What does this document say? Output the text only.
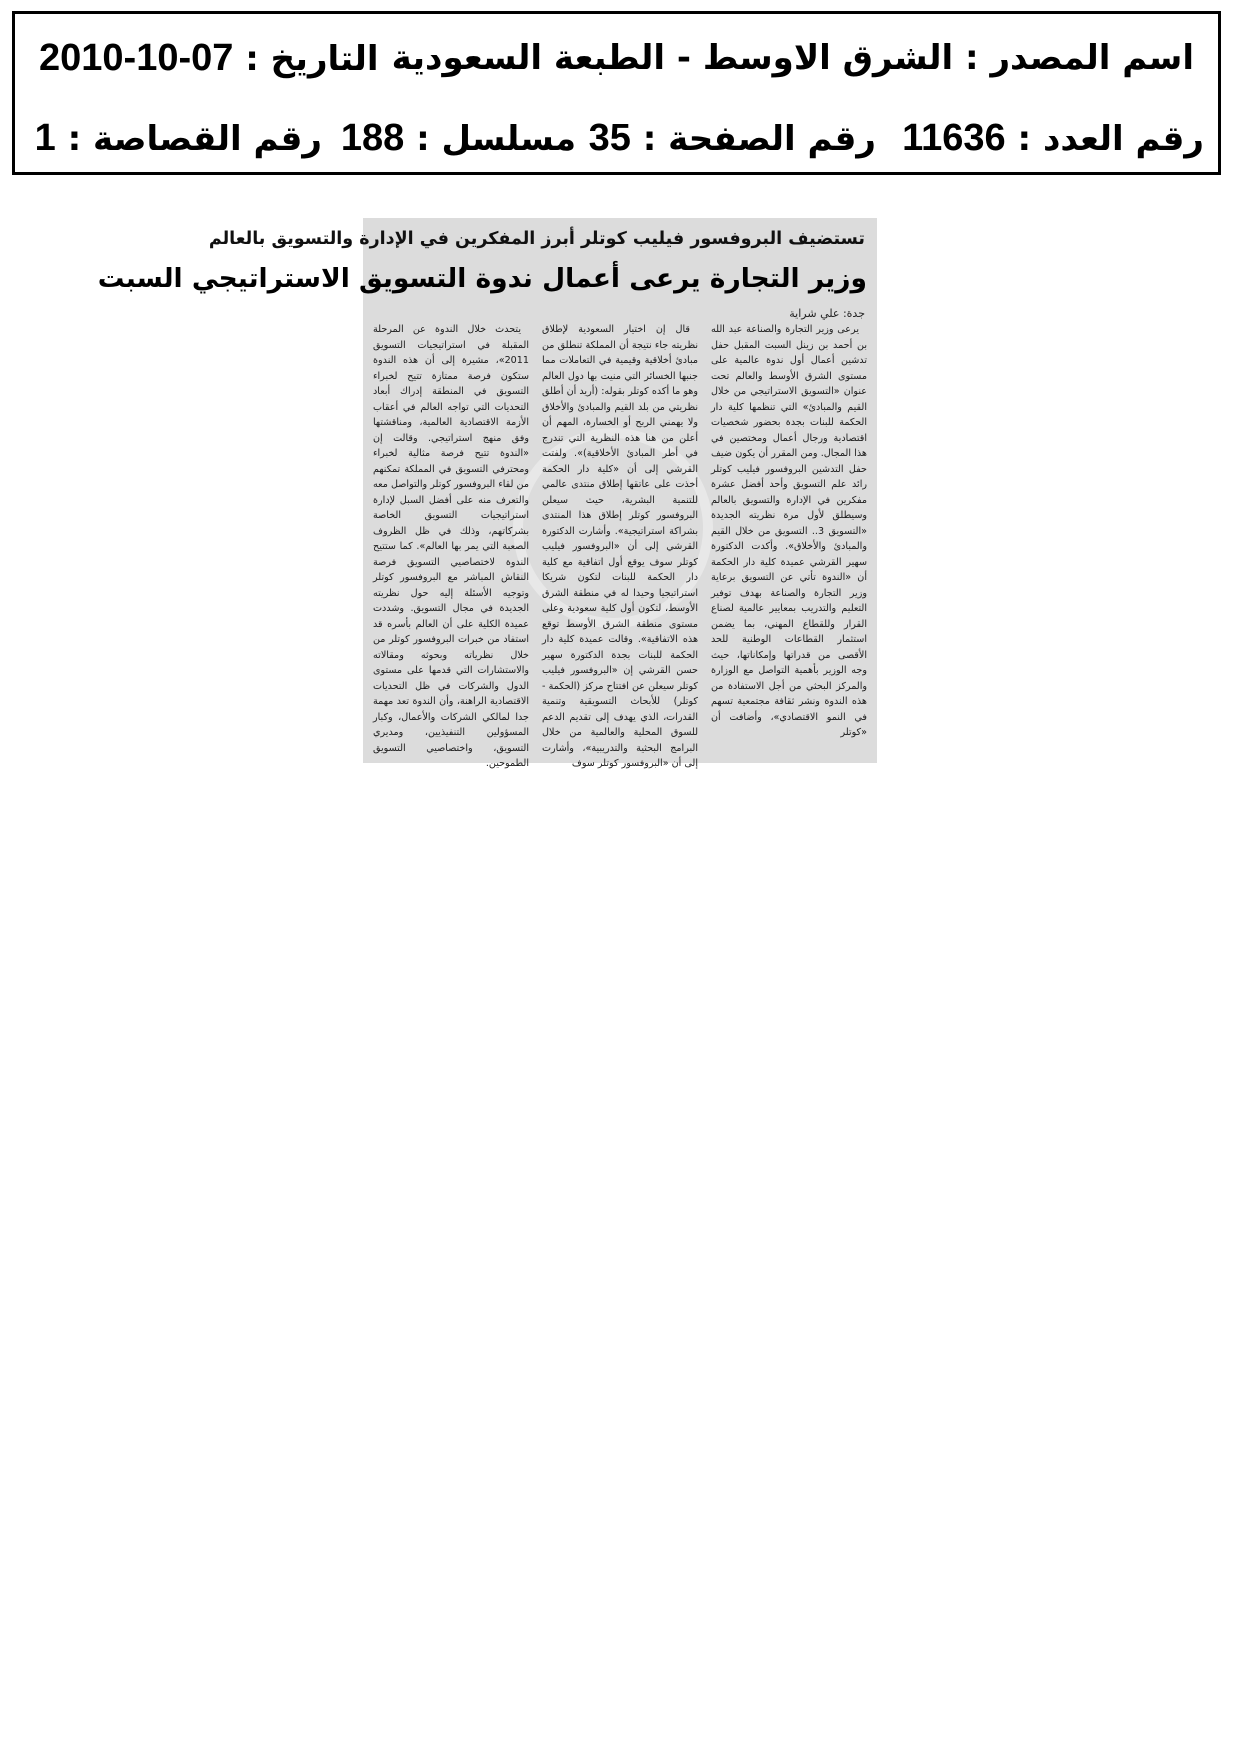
اسم المصدر : الشرق الاوسط - الطبعة السعودية
التاريخ : 2010-10-07
رقم العدد : 11636
رقم الصفحة : 35
مسلسل : 188
رقم القصاصة : 1
تستضيف البروفسور فيليب كوتلر أبرز المفكرين في الإدارة والتسويق بالعالم
وزير التجارة يرعى أعمال ندوة التسويق الاستراتيجي السبت
جدة: علي شراية

يرعى وزير التجارة والصناعة عبد الله بن أحمد بن زينل السبت المقبل حفل تدشين أعمال أول ندوة عالمية على مستوى الشرق الأوسط والعالم تحت عنوان «التسويق الاستراتيجي من خلال القيم والمبادئ» التي تنظمها كلية دار الحكمة للبنات بجدة بحضور شخصيات اقتصادية ورجال أعمال ومختصين في هذا المجال. ومن المقرر أن يكون ضيف حفل التدشين البروفسور فيليب كوتلر رائد علم التسويق وأحد أفضل عشرة مفكرين في الإدارة والتسويق بالعالم وسيطلق لأول مرة نظريته الجديدة «التسويق 3.. التسويق من خلال القيم والمبادئ والأخلاق». وأكدت الدكتورة سهير القرشي عميدة كلية دار الحكمة أن «الندوة تأتي عن التسويق برعاية وزير التجارة والصناعة بهدف توفير التعليم والتدريب بمعايير عالمية لصناع القرار وللقطاع المهني، بما يضمن استثمار القطاعات الوطنية للحد الأقصى من قدراتها وإمكاناتها، حيث وجه الوزير بأهمية التواصل مع الوزارة والمركز البحثي من أجل الاستفادة من هذه الندوة ونشر ثقافة مجتمعية تسهم في النمو الاقتصادي»، وأضافت أن «كوتلر

قال إن اختيار السعودية لإطلاق نظريته جاء نتيجة أن المملكة تنطلق من مبادئ أخلاقية وقيمية في التعاملات مما جنبها الخسائر التي منيت بها دول العالم وهو ما أكده كوتلر بقوله: (أريد أن أطلق نظريتي من بلد القيم والمبادئ والأخلاق ولا يهمني الربح أو الخسارة، المهم أن أعلن من هنا هذه النظرية التي تندرج في أطر المبادئ الأخلاقية)». ولفتت القرشي إلى أن «كلية دار الحكمة أخذت على عاتقها إطلاق منتدى عالمي للتنمية البشرية، حيث سيعلن البروفسور كوتلر إطلاق هذا المنتدى بشراكة استراتيجية». وأشارت الدكتورة القرشي إلى أن «البروفسور فيليب كوتلر سوف يوقع أول اتفاقية مع كلية دار الحكمة للبنات لتكون شريكا استراتيجيا وحيدا له في منطقة الشرق الأوسط، لتكون أول كلية سعودية وعلى مستوى منطقة الشرق الأوسط توقع هذه الاتفاقية». وقالت عميدة كلية دار الحكمة للبنات بجدة الدكتورة سهير حسن القرشي إن «البروفسور فيليب كوتلر سيعلن عن افتتاح مركز (الحكمة - كوتلر) للأبحاث التسويقية وتنمية القدرات، الذي يهدف إلى تقديم الدعم للسوق المحلية والعالمية من خلال البرامج البحثية والتدريبية»، وأشارت إلى أن «البروفسور كوتلر سوف

يتحدث خلال الندوة عن المرحلة المقبلة في استراتيجيات التسويق 2011»، مشيرة إلى أن هذه الندوة ستكون فرصة ممتازة تتيح لخبراء التسويق في المنطقة إدراك أبعاد التحديات التي تواجه العالم في أعقاب الأزمة الاقتصادية العالمية، ومناقشتها وفق منهج استراتيجي. وقالت إن «الندوة تتيح فرصة مثالية لخبراء ومحترفي التسويق في المملكة تمكنهم من لقاء البروفسور كوتلر والتواصل معه والتعرف منه على أفضل السبل لإدارة استراتيجيات التسويق الخاصة بشركاتهم، وذلك في ظل الظروف الصعبة التي يمر بها العالم». كما ستتيح الندوة لاختصاصيي التسويق فرصة النقاش المباشر مع البروفسور كوتلر وتوجيه الأسئلة إليه حول نظريته الجديدة في مجال التسويق. وشددت عميدة الكلية على أن العالم بأسره قد استفاد من خبرات البروفسور كوتلر من خلال نظرياته وبحوثه ومقالاته والاستشارات التي قدمها على مستوى الدول والشركات في ظل التحديات الاقتصادية الراهنة، وأن الندوة تعد مهمة جدا لمالكي الشركات والأعمال، وكبار المسؤولين التنفيذيين، ومديري التسويق، واختصاصيي التسويق الطموحين.
